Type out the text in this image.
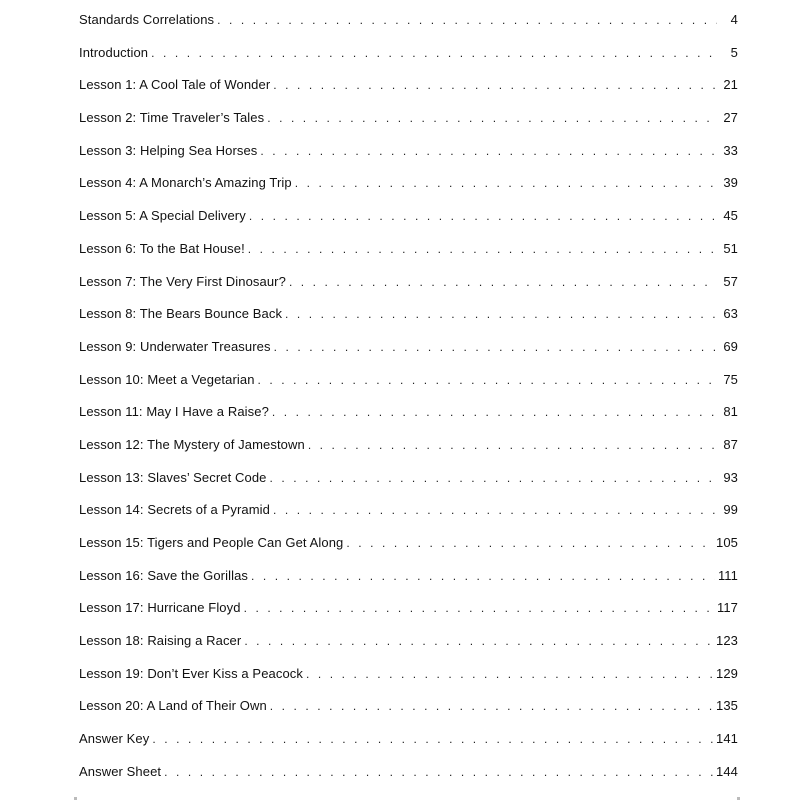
Standards Correlations . . .	4
Introduction . . .	5
Lesson 1: A Cool Tale of Wonder . . .	21
Lesson 2: Time Traveler’s Tales . . .	27
Lesson 3: Helping Sea Horses . . .	33
Lesson 4: A Monarch’s Amazing Trip . . .	39
Lesson 5: A Special Delivery . . .	45
Lesson 6: To the Bat House! . . .	51
Lesson 7: The Very First Dinosaur? . . .	57
Lesson 8: The Bears Bounce Back . . .	63
Lesson 9: Underwater Treasures . . .	69
Lesson 10: Meet a Vegetarian . . .	75
Lesson 11: May I Have a Raise? . . .	81
Lesson 12: The Mystery of Jamestown . . .	87
Lesson 13: Slaves’ Secret Code . . .	93
Lesson 14: Secrets of a Pyramid . . .	99
Lesson 15: Tigers and People Can Get Along . . .	105
Lesson 16: Save the Gorillas . . .	111
Lesson 17: Hurricane Floyd . . .	117
Lesson 18: Raising a Racer . . .	123
Lesson 19: Don’t Ever Kiss a Peacock . . .	129
Lesson 20: A Land of Their Own . . .	135
Answer Key . . .	141
Answer Sheet . . .	144
